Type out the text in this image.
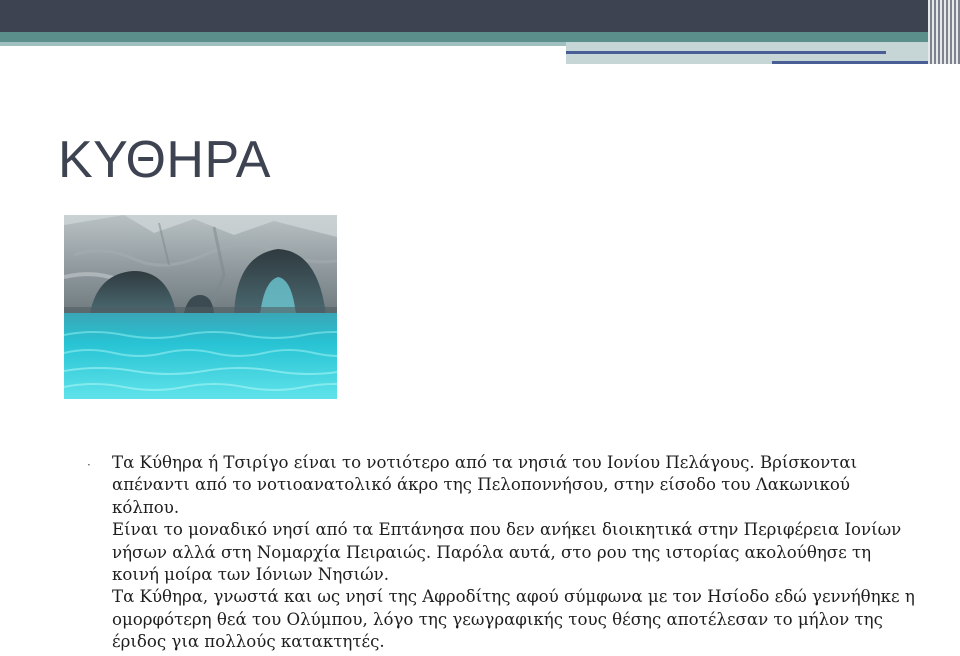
ΚΥΘΗΡΑ
· Τα Κύθηρα ή Τσιρίγο είναι το νοτιότερο από τα νησιά του Ιονίου Πελάγους. Βρίσκονται απέναντι από το νοτιοανατολικό άκρο της Πελοποννήσου, στην είσοδο του Λακωνικού κόλπου.

Είναι το μοναδικό νησί από τα Επτάνησα που δεν ανήκει διοικητικά στην Περιφέρεια Ιονίων νήσων αλλά στη Νομαρχία Πειραιώς. Παρόλα αυτά, στο ρου της ιστορίας ακολούθησε τη κοινή μοίρα των Ιόνιων Νησιών.

Τα Κύθηρα, γνωστά και ως νησί της Αφροδίτης αφού σύμφωνα με τον Ησίοδο εδώ γεννήθηκε η ομορφότερη θεά του Ολύμπου, λόγο της γεωγραφικής τους θέσης αποτέλεσαν το μήλον της έριδος για πολλούς κατακτητές.
